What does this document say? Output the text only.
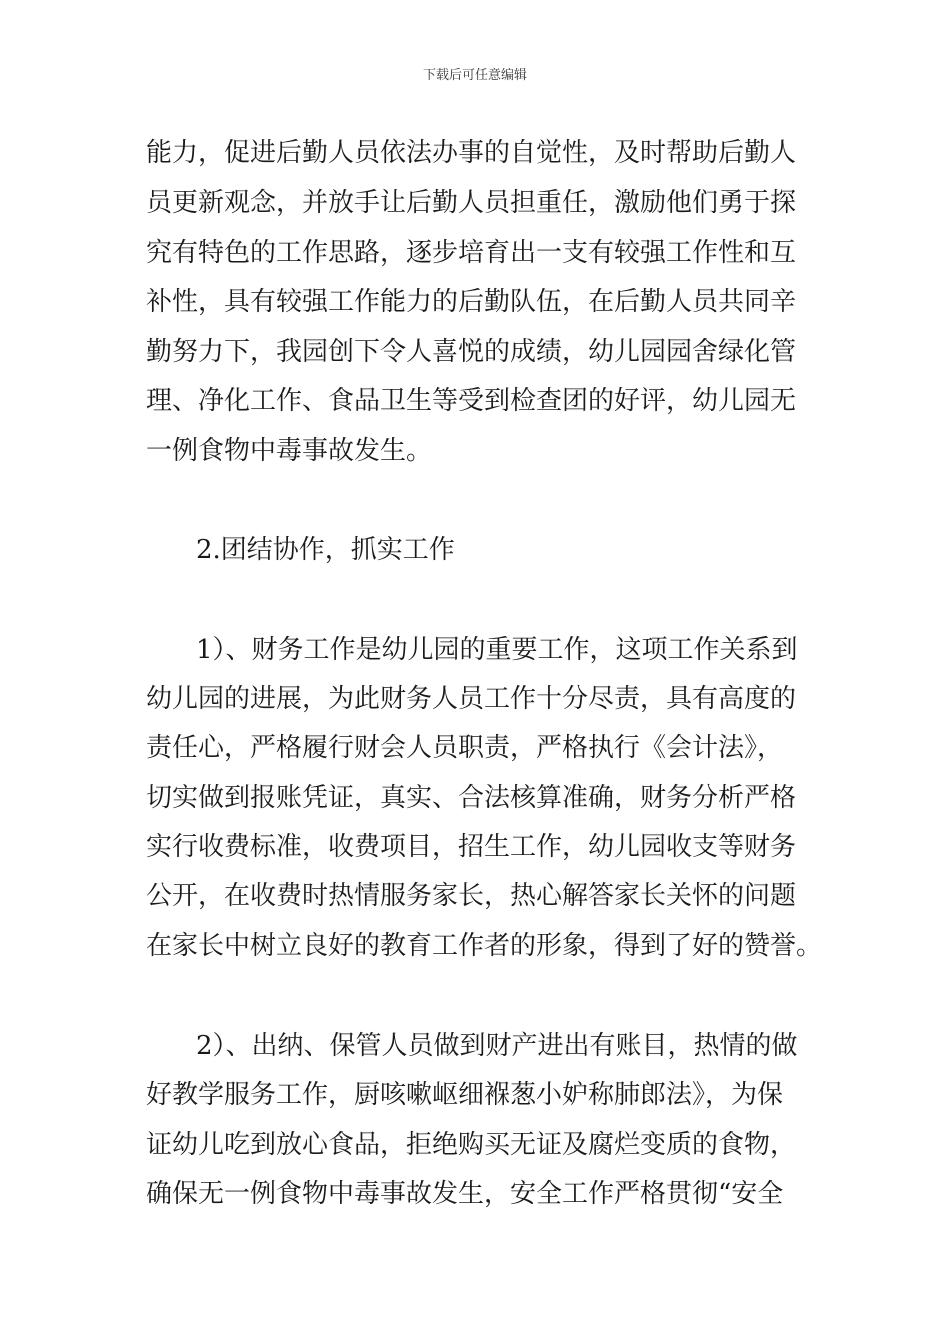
下载后可任意编辑
能力，促进后勤人员依法办事的自觉性，及时帮助后勤人
员更新观念，并放手让后勤人员担重任，激励他们勇于探
究有特色的工作思路，逐步培育出一支有较强工作性和互
补性，具有较强工作能力的后勤队伍，在后勤人员共同辛
勤努力下，我园创下令人喜悦的成绩，幼儿园园舍绿化管
理、净化工作、食品卫生等受到检查团的好评，幼儿园无
一例食物中毒事故发生。
2.团结协作，抓实工作
1）、财务工作是幼儿园的重要工作，这项工作关系到
幼儿园的进展，为此财务人员工作十分尽责，具有高度的
责任心，严格履行财会人员职责，严格执行《会计法》，
切实做到报账凭证，真实、合法核算准确，财务分析严格
实行收费标准，收费项目，招生工作，幼儿园收支等财务
公开，在收费时热情服务家长，热心解答家长关怀的问题
在家长中树立良好的教育工作者的形象，得到了好的赞誉。
2）、出纳、保管人员做到财产进出有账目，热情的做
好教学服务工作，厨咳嗽岖细褓葱小妒称肺郎法》，为保
证幼儿吃到放心食品，拒绝购买无证及腐烂变质的食物，
确保无一例食物中毒事故发生，安全工作严格贯彻“安全
